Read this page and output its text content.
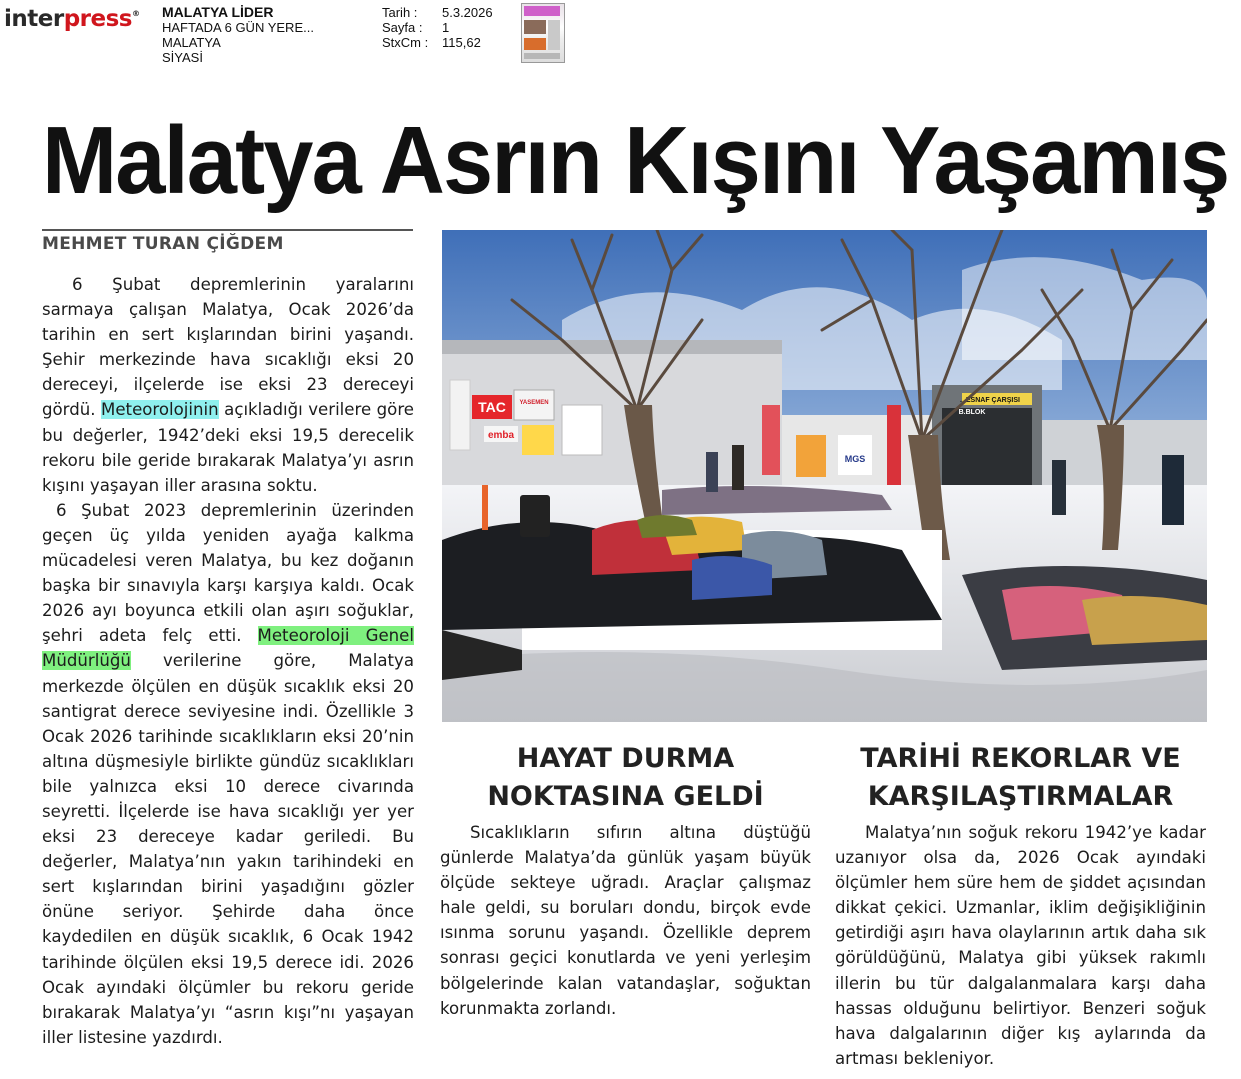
interpress® MALATYA LİDER
HAFTADA 6 GÜN YERE...
MALATYA
SİYASİ
Tarih :	5.3.2026
Sayfa :	1
StxCm :	115,62
Malatya Asrın Kışını Yaşamış
MEHMET TURAN ÇİĞDEM

6 Şubat depremlerinin yaralarını sarmaya çalışan Malatya, Ocak 2026’da tarihin en sert kışlarından birini yaşandı. Şehir merkezinde hava sıcaklığı eksi 20 dereceyi, ilçelerde ise eksi 23 dereceyi gördü. Meteorolojinin açıkladığı verilere göre bu değerler, 1942’deki eksi 19,5 derecelik rekoru bile geride bırakarak Malatya’yı asrın kışını yaşayan iller arasına soktu.

6 Şubat 2023 depremlerinin üzerinden geçen üç yılda yeniden ayağa kalkma mücadelesi veren Malatya, bu kez doğanın başka bir sınavıyla karşı karşıya kaldı. Ocak 2026 ayı boyunca etkili olan aşırı soğuklar, şehri adeta felç etti. Meteoroloji Genel Müdürlüğü verilerine göre, Malatya merkezde ölçülen en düşük sıcaklık eksi 20 santigrat derece seviyesine indi. Özellikle 3 Ocak 2026 tarihinde sıcaklıkların eksi 20’nin altına düşmesiyle birlikte gündüz sıcaklıkları bile yalnızca eksi 10 derece civarında seyretti. İlçelerde ise hava sıcaklığı yer yer eksi 23 dereceye kadar geriledi. Bu değerler, Malatya’nın yakın tarihindeki en sert kışlarından birini yaşadığını gözler önüne seriyor. Şehirde daha önce kaydedilen en düşük sıcaklık, 6 Ocak 1942 tarihinde ölçülen eksi 19,5 derece idi. 2026 Ocak ayındaki ölçümler bu rekoru geride bırakarak Malatya’yı “asrın kışı”nı yaşayan iller listesine yazdırdı.

TAC YASEMEN
emba
MGS
...ESNAF ÇARŞISI
B.BLOK
HAYAT DURMA NOKTASINA GELDİ

Sıcaklıkların sıfırın altına düştüğü günlerde Malatya’da günlük yaşam büyük ölçüde sekteye uğradı. Araçlar çalışmaz hale geldi, su boruları dondu, birçok evde ısınma sorunu yaşandı. Özellikle deprem sonrası geçici konutlarda ve yeni yerleşim bölgelerinde kalan vatandaşlar, soğuktan korunmakta zorlandı.

TARİHİ REKORLAR VE KARŞILAŞTIRMALAR

Malatya’nın soğuk rekoru 1942’ye kadar uzanıyor olsa da, 2026 Ocak ayındaki ölçümler hem süre hem de şiddet açısından dikkat çekici. Uzmanlar, iklim değişikliğinin getirdiği aşırı hava olaylarının artık daha sık görüldüğünü, Malatya gibi yüksek rakımlı illerin bu tür dalgalanmalara karşı daha hassas olduğunu belirtiyor. Benzeri soğuk hava dalgalarının diğer kış aylarında da artması bekleniyor.
